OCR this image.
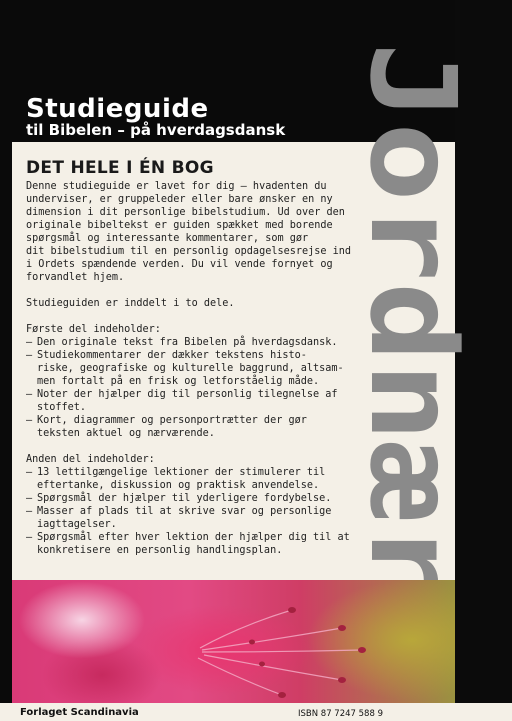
Jordnære
Studieguide
til Bibelen – på hverdagsdansk
DET HELE I ÉN BOG

Denne studieguide er lavet for dig – hvadenten du
underviser, er gruppeleder eller bare ønsker en ny
dimension i dit personlige bibelstudium. Ud over den
originale bibeltekst er guiden spækket med borende
spørgsmål og interessante kommentarer, som gør
dit bibelstudium til en personlig opdagelsesrejse ind
i Ordets spændende verden. Du vil vende fornyet og
forvandlet hjem.

Studieguiden er inddelt i to dele.

Første del indeholder:

– Den originale tekst fra Bibelen på hverdagsdansk.
– Studiekommentarer der dækker tekstens histo-
riske, geografiske og kulturelle baggrund, altsam-
men fortalt på en frisk og letforståelig måde.
– Noter der hjælper dig til personlig tilegnelse af
stoffet.
– Kort, diagrammer og personportrætter der gør
teksten aktuel og nærværende.

Anden del indeholder:

– 13 lettilgængelige lektioner der stimulerer til
eftertanke, diskussion og praktisk anvendelse.
– Spørgsmål der hjælper til yderligere fordybelse.
– Masser af plads til at skrive svar og personlige
iagttagelser.
– Spørgsmål efter hver lektion der hjælper dig til at
konkretisere en personlig handlingsplan.
Forlaget Scandinavia	ISBN 87 7247 588 9
